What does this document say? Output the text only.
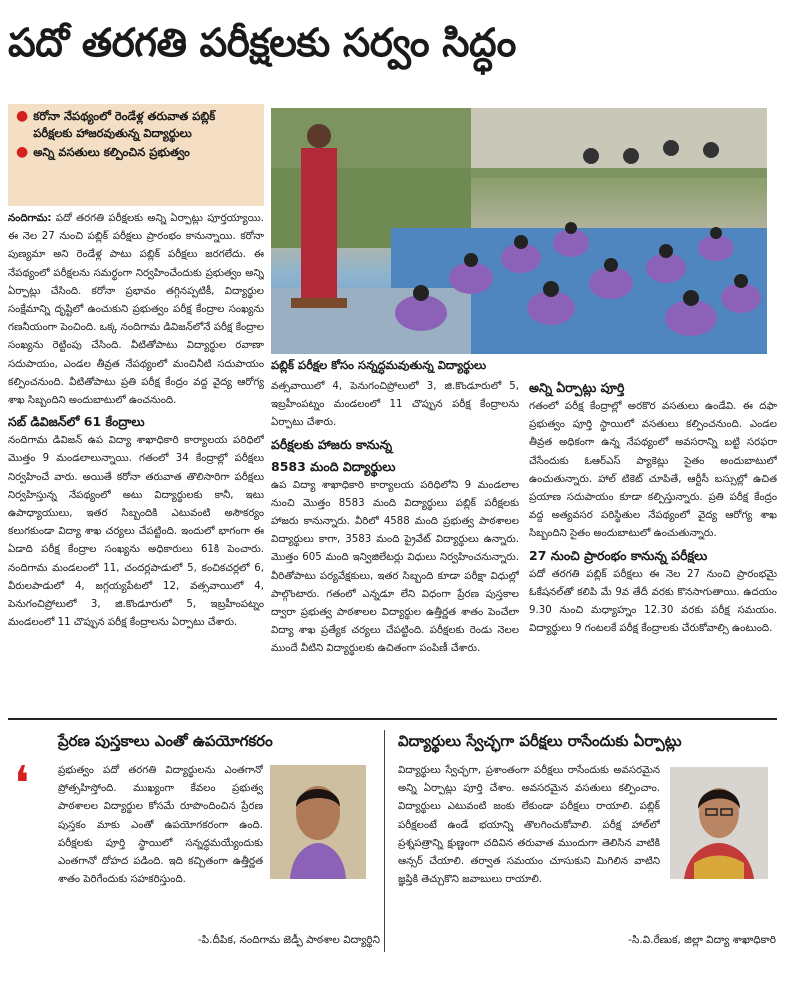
పదో తరగతి పరీక్షలకు సర్వం సిద్ధం
● కరోనా నేపథ్యంలో రెండేళ్ల తరువాత పబ్లిక్ పరీక్షలకు హాజరవుతున్న విద్యార్థులు
● అన్ని వసతులు కల్పించిన ప్రభుత్వం

నందిగామ: పదో తరగతి పరీక్షలకు అన్ని ఏర్పాట్లు పూర్తయ్యాయి. ఈ నెల 27 నుంచి పబ్లిక్ పరీక్షలు ప్రారంభం కానున్నాయి. కరోనా పుణ్యమా అని రెండేళ్ల పాటు పబ్లిక్ పరీక్షలు జరగలేదు. ఈ నేపథ్యంలో పరీక్షలను సమర్థంగా నిర్వహించేందుకు ప్రభుత్వం అన్ని ఏర్పాట్లు చేసింది. కరోనా ప్రభావం తగ్గినప్పటికీ, విద్యార్థుల సంక్షేమాన్ని దృష్టిలో ఉంచుకుని ప్రభుత్వం పరీక్ష కేంద్రాల సంఖ్యను గణనీయంగా పెంచింది. ఒక్క నందిగామ డివిజన్‌లోనే పరీక్ష కేంద్రాల సంఖ్యను రెట్టింపు చేసింది. వీటితోపాటు విద్యార్థుల రవాణా సదుపాయం, ఎండల తీవ్రత నేపథ్యంలో మంచినీటి సదుపాయం కల్పించనుంది. వీటితోపాటు ప్రతి పరీక్ష కేంద్రం వద్ద వైద్య ఆరోగ్య శాఖ సిబ్బందిని అందుబాటులో ఉంచనుంది.

సబ్ డివిజన్‌లో 61 కేంద్రాలు

నందిగామ డివిజన్ ఉప విద్యా శాఖాధికారి కార్యాలయ పరిధిలో మొత్తం 9 మండలాలున్నాయి. గతంలో 34 కేంద్రాల్లో పరీక్షలు నిర్వహించే వారు. అయితే కరోనా తరువాత తొలిసారిగా పరీక్షలు నిర్వహిస్తున్న నేపథ్యంలో అటు విద్యార్థులకు కానీ, ఇటు ఉపాధ్యాయులు, ఇతర సిబ్బందికి ఎటువంటి అసౌకర్యం కలుగకుండా విద్యా శాఖ చర్యలు చేపట్టింది. ఇందులో భాగంగా ఈ ఏడాది పరీక్ష కేంద్రాల సంఖ్యను అధికారులు 61కి పెంచారు. నందిగామ మండలంలో 11, చందర్లపాడులో 5, కంచికచర్లలో 6, వీరులపాడులో 4, జగ్గయ్యపేటలో 12, వత్సవాయిలో 4, పెనుగంచిప్రోలులో 3, జి.కొండూరులో 5, ఇబ్రహీంపట్నం మండలంలో 11 చొప్పున పరీక్ష కేంద్రాలను ఏర్పాటు చేశారు.

పబ్లిక్ పరీక్షల కోసం సన్నద్ధమవుతున్న విద్యార్థులు

వత్సవాయిలో 4, పెనుగంచిప్రోలులో 3, జి.కొండూరులో 5, ఇబ్రహీంపట్నం మండలంలో 11 చొప్పున పరీక్ష కేంద్రాలను ఏర్పాటు చేశారు.

పరీక్షలకు హాజరు కానున్న
8583 మంది విద్యార్థులు

ఉప విద్యా శాఖాధికారి కార్యాలయ పరిధిలోని 9 మండలాల నుంచి మొత్తం 8583 మంది విద్యార్థులు పబ్లిక్ పరీక్షలకు హాజరు కానున్నారు. వీరిలో 4588 మంది ప్రభుత్వ పాఠశాలల విద్యార్థులు కాగా, 3583 మంది ప్రైవేట్ విద్యార్థులు ఉన్నారు. మొత్తం 605 మంది ఇన్విజిలేటర్లు విధులు నిర్వహించనున్నారు. వీరితోపాటు పర్యవేక్షకులు, ఇతర సిబ్బంది కూడా పరీక్షా విధుల్లో పాల్గొంటారు. గతంలో ఎన్నడూ లేని విధంగా ప్రేరణ పుస్తకాల ద్వారా ప్రభుత్వ పాఠశాలల విద్యార్థుల ఉత్తీర్ణత శాతం పెంచేలా విద్యా శాఖ ప్రత్యేక చర్యలు చేపట్టింది. పరీక్షలకు రెండు నెలల ముందే వీటిని విద్యార్థులకు ఉచితంగా పంపిణీ చేశారు.

అన్ని ఏర్పాట్లు పూర్తి

గతంలో పరీక్ష కేంద్రాల్లో అరకొర వసతులు ఉండేవి. ఈ దఫా ప్రభుత్వం పూర్తి స్థాయిలో వసతులు కల్పించనుంది. ఎండల తీవ్రత అధికంగా ఉన్న నేపథ్యంలో అవసరాన్ని బట్టి సరఫరా చేసేందుకు ఓఆర్ఎస్ ప్యాకెట్లు సైతం అందుబాటులో ఉంచుతున్నారు. హాల్ టికెట్ చూపితే, ఆర్టీసీ బస్సుల్లో ఉచిత ప్రయాణ సదుపాయం కూడా కల్పిస్తున్నారు. ప్రతి పరీక్ష కేంద్రం వద్ద అత్యవసర పరిస్థితుల నేపథ్యంలో వైద్య ఆరోగ్య శాఖ సిబ్బందిని సైతం అందుబాటులో ఉంచుతున్నారు.

27 నుంచి ప్రారంభం కానున్న పరీక్షలు

పదో తరగతి పబ్లిక్ పరీక్షలు ఈ నెల 27 నుంచి ప్రారంభమై ఓకేషనల్‌తో కలిపి మే 9వ తేదీ వరకు కొనసాగుతాయి. ఉదయం 9.30 నుంచి మధ్యాహ్నం 12.30 వరకు పరీక్ష సమయం. విద్యార్థులు 9 గంటలకే పరీక్ష కేంద్రాలకు చేరుకోవాల్సి ఉంటుంది.

❛
ప్రేరణ పుస్తకాలు ఎంతో ఉపయోగకరం
ప్రభుత్వం పదో తరగతి విద్యార్థులను ఎంతగానో ప్రోత్సహిస్తోంది. ముఖ్యంగా కేవలం ప్రభుత్వ పాఠశాలల విద్యార్థుల కోసమే రూపొందించిన ప్రేరణ పుస్తకం మాకు ఎంతో ఉపయోగకరంగా ఉంది. పరీక్షలకు పూర్తి స్థాయిలో సన్నద్ధమయ్యేందుకు ఎంతగానో దోహద పడింది. ఇది కచ్చితంగా ఉత్తీర్ణత శాతం పెరిగేందుకు సహకరిస్తుంది.
-పి.దీపిక, నందిగామ జెడ్పీ పాఠశాల విద్యార్థిని
విద్యార్థులు స్వేచ్ఛగా పరీక్షలు రాసేందుకు ఏర్పాట్లు
విద్యార్థులు స్వేచ్ఛగా, ప్రశాంతంగా పరీక్షలు రాసేందుకు అవసరమైన అన్ని ఏర్పాట్లు పూర్తి చేశాం. అవసరమైన వసతులు కల్పించాం. విద్యార్థులు ఎటువంటి జంకు లేకుండా పరీక్షలు రాయాలి. పబ్లిక్ పరీక్షలంటే ఉండే భయాన్ని తొలగించుకోవాలి. పరీక్ష హాల్‌లో ప్రశ్నపత్రాన్ని క్షుణ్ణంగా చదివిన తరువాత ముందుగా తెలిసిన వాటికి ఆన్సర్ చేయాలి. తర్వాత సమయం చూసుకుని మిగిలిన వాటిని జ్ఞప్తికి తెచ్చుకొని జవాబులు రాయాలి.
-సి.వి.రేణుక, జిల్లా విద్యా శాఖాధికారి
